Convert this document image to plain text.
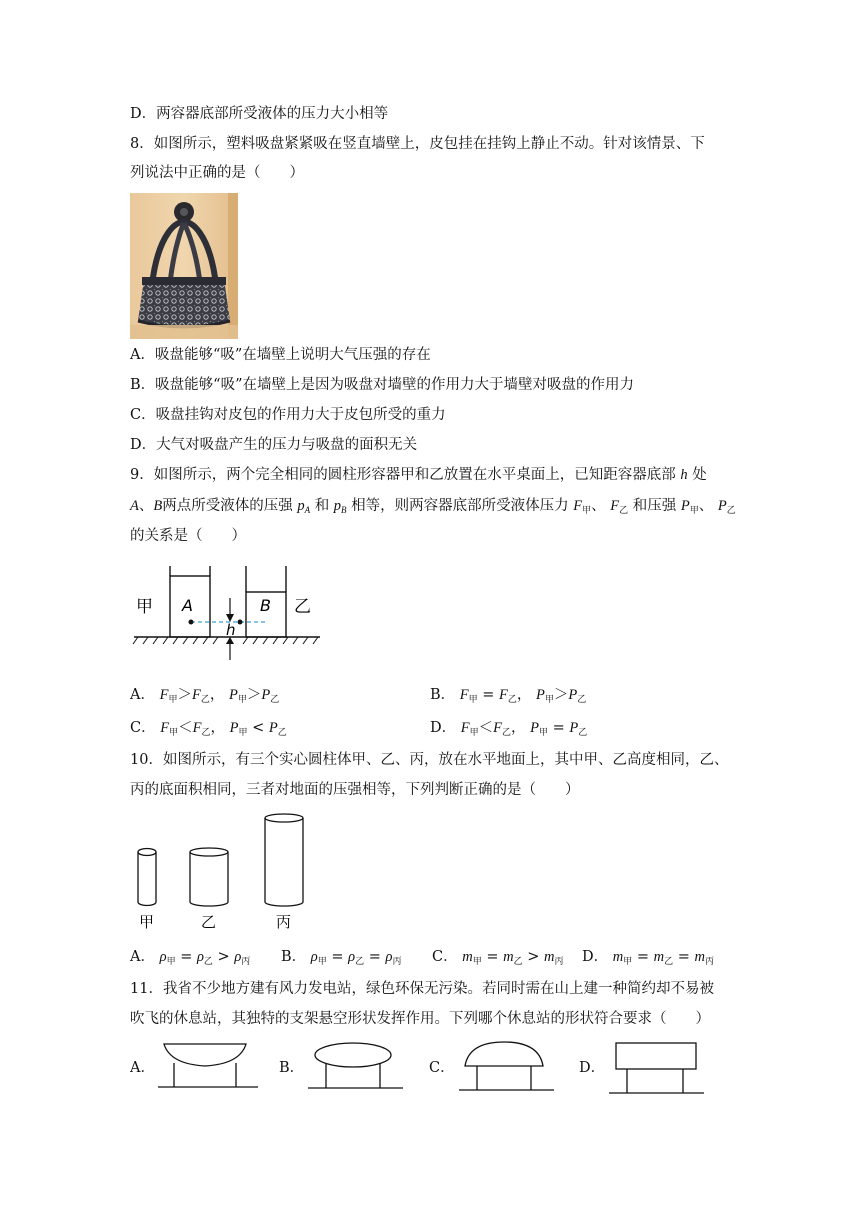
D．两容器底部所受液体的压力大小相等
8．如图所示，塑料吸盘紧紧吸在竖直墙壁上，皮包挂在挂钩上静止不动。针对该情景、下
列说法中正确的是（　　）
A．吸盘能够“吸”在墙壁上说明大气压强的存在
B．吸盘能够“吸”在墙壁上是因为吸盘对墙壁的作用力大于墙壁对吸盘的作用力
C．吸盘挂钩对皮包的作用力大于皮包所受的重力
D．大气对吸盘产生的压力与吸盘的面积无关
9．如图所示，两个完全相同的圆柱形容器甲和乙放置在水平桌面上，已知距容器底部 h 处
A、B两点所受液体的压强 $p_A$ 和 $p_B$ 相等，则两容器底部所受液体压力 $F_甲$、 $F_乙$ 和压强 $P_甲$、 $P_乙$
的关系是（　　）
甲 A	B 乙
h
A． $F_甲>F_乙$， $P_甲>P_乙$	B． $F_甲 = F_乙$， $P_甲>P_乙$
C． $F_甲<F_乙$， $P_甲 < P_乙$	D． $F_甲<F_乙$， $P_甲 = P_乙$
10．如图所示，有三个实心圆柱体甲、乙、丙，放在水平地面上，其中甲、乙高度相同，乙、
丙的底面积相同，三者对地面的压强相等，下列判断正确的是（　　）
甲	乙	丙
A． $\rho_甲 = \rho_乙 > \rho_丙$ B． $\rho_甲 = \rho_乙 = \rho_丙$ C． $m_甲 = m_乙 > m_丙$ D． $m_甲 = m_乙 = m_丙$
11．我省不少地方建有风力发电站，绿色环保无污染。若同时需在山上建一种简约却不易被
吹飞的休息站，其独特的支架悬空形状发挥作用。下列哪个休息站的形状符合要求（　　）
A．	B．	C．	D．
